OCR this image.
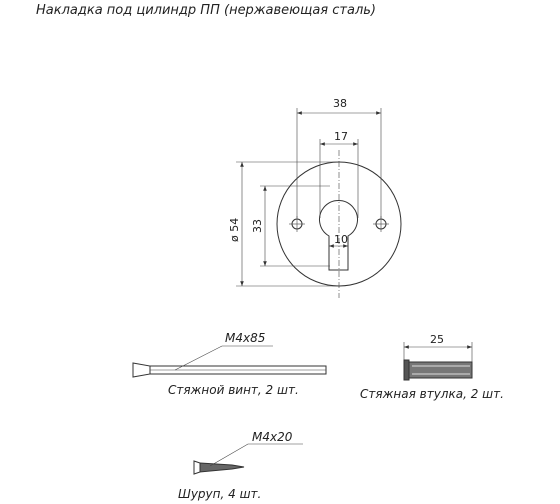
Накладка под цилиндр ПП (нержавеющая сталь)
38
17
10
33
ø 54
M4x85
Стяжной винт, 2 шт.
25
Стяжная втулка, 2 шт.
M4x20
Шуруп, 4 шт.
